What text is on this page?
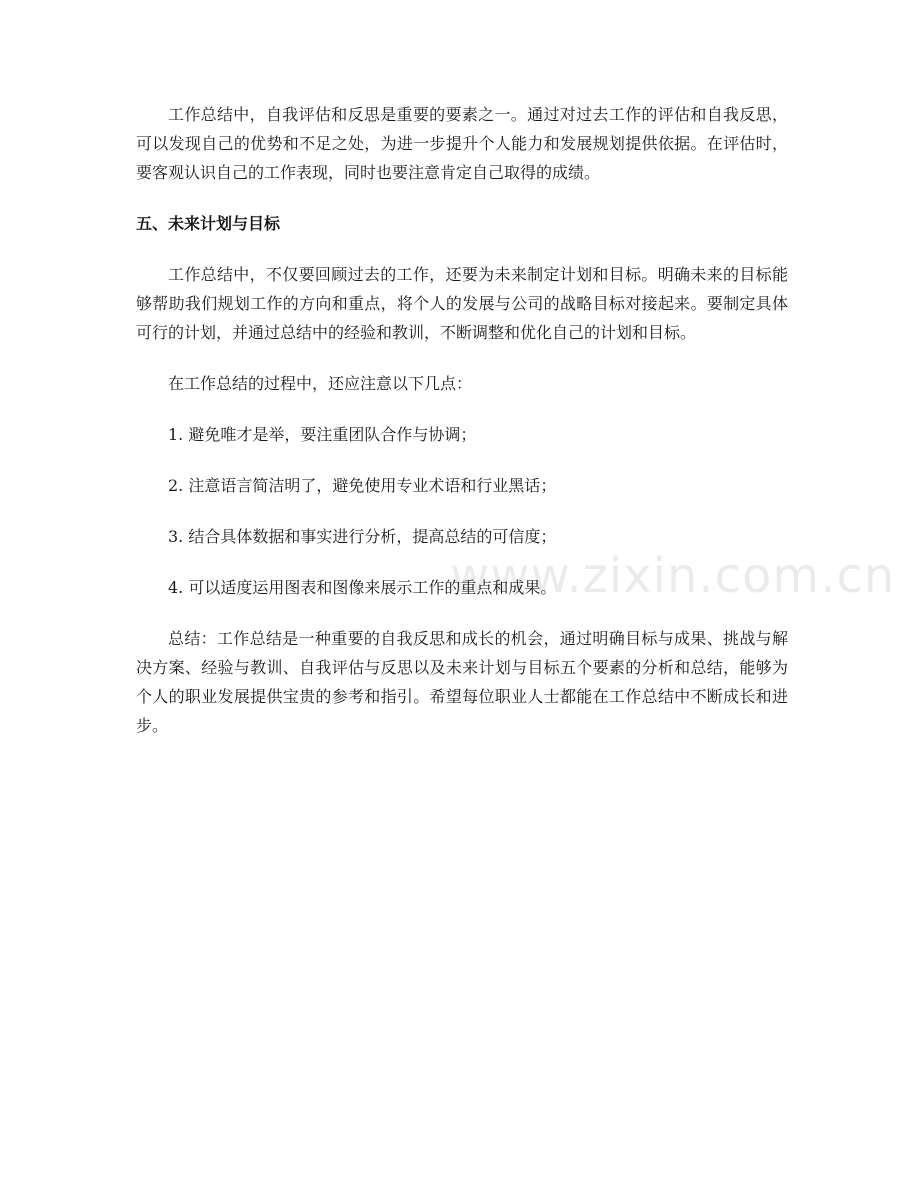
工作总结中，自我评估和反思是重要的要素之一。通过对过去工作的评估和自我反思，可以发现自己的优势和不足之处，为进一步提升个人能力和发展规划提供依据。在评估时，要客观认识自己的工作表现，同时也要注意肯定自己取得的成绩。

五、未来计划与目标

工作总结中，不仅要回顾过去的工作，还要为未来制定计划和目标。明确未来的目标能够帮助我们规划工作的方向和重点，将个人的发展与公司的战略目标对接起来。要制定具体可行的计划，并通过总结中的经验和教训，不断调整和优化自己的计划和目标。

在工作总结的过程中，还应注意以下几点：

1. 避免唯才是举，要注重团队合作与协调；
2. 注意语言简洁明了，避免使用专业术语和行业黑话；
3. 结合具体数据和事实进行分析，提高总结的可信度；
4. 可以适度运用图表和图像来展示工作的重点和成果。

总结：工作总结是一种重要的自我反思和成长的机会，通过明确目标与成果、挑战与解决方案、经验与教训、自我评估与反思以及未来计划与目标五个要素的分析和总结，能够为个人的职业发展提供宝贵的参考和指引。希望每位职业人士都能在工作总结中不断成长和进步。

www.zixin.com.cn
